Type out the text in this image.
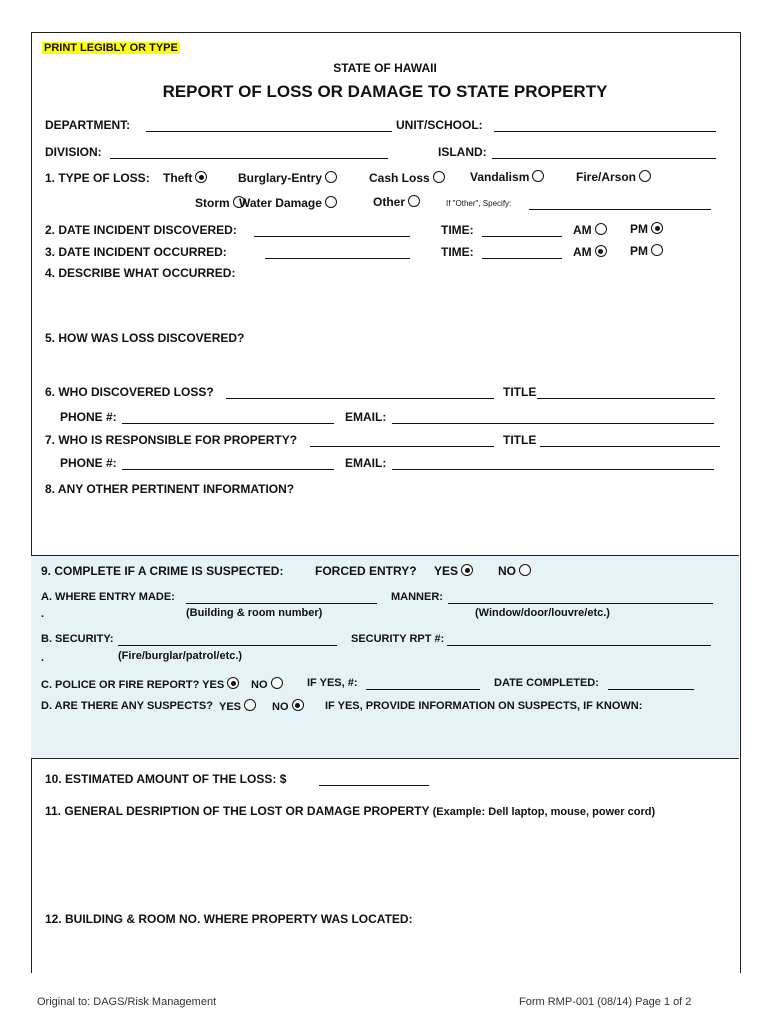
PRINT LEGIBLY OR TYPE
STATE OF HAWAII
REPORT OF LOSS OR DAMAGE TO STATE PROPERTY
DEPARTMENT:	UNIT/SCHOOL:
DIVISION:	ISLAND:
1. TYPE OF LOSS: Theft	Burglary-Entry	Cash Loss	Vandalism	Fire/Arson
Storm Water Damage	Other	If "Other", Specify:
2. DATE INCIDENT DISCOVERED:	TIME:	AM	PM
3. DATE INCIDENT OCCURRED:	TIME:	AM	PM
4. DESCRIBE WHAT OCCURRED:
5. HOW WAS LOSS DISCOVERED?
6. WHO DISCOVERED LOSS?	TITLE
PHONE #:	EMAIL:
7. WHO IS RESPONSIBLE FOR PROPERTY?	TITLE
PHONE #:	EMAIL:
8. ANY OTHER PERTINENT INFORMATION?
9. COMPLETE IF A CRIME IS SUSPECTED:	FORCED ENTRY? YES	NO
A. WHERE ENTRY MADE:	MANNER:
.	(Building & room number)	(Window/door/louvre/etc.)
B. SECURITY:	SECURITY RPT #:
.	(Fire/burglar/patrol/etc.)
C. POLICE OR FIRE REPORT? YES	NO	IF YES, #:	DATE COMPLETED:
D. ARE THERE ANY SUSPECTS? YES	NO	IF YES, PROVIDE INFORMATION ON SUSPECTS, IF KNOWN:
10. ESTIMATED AMOUNT OF THE LOSS: $
11. GENERAL DESRIPTION OF THE LOST OR DAMAGE PROPERTY (Example: Dell laptop, mouse, power cord)
12. BUILDING & ROOM NO. WHERE PROPERTY WAS LOCATED:
Original to: DAGS/Risk Management	Form RMP-001 (08/14) Page 1 of 2
